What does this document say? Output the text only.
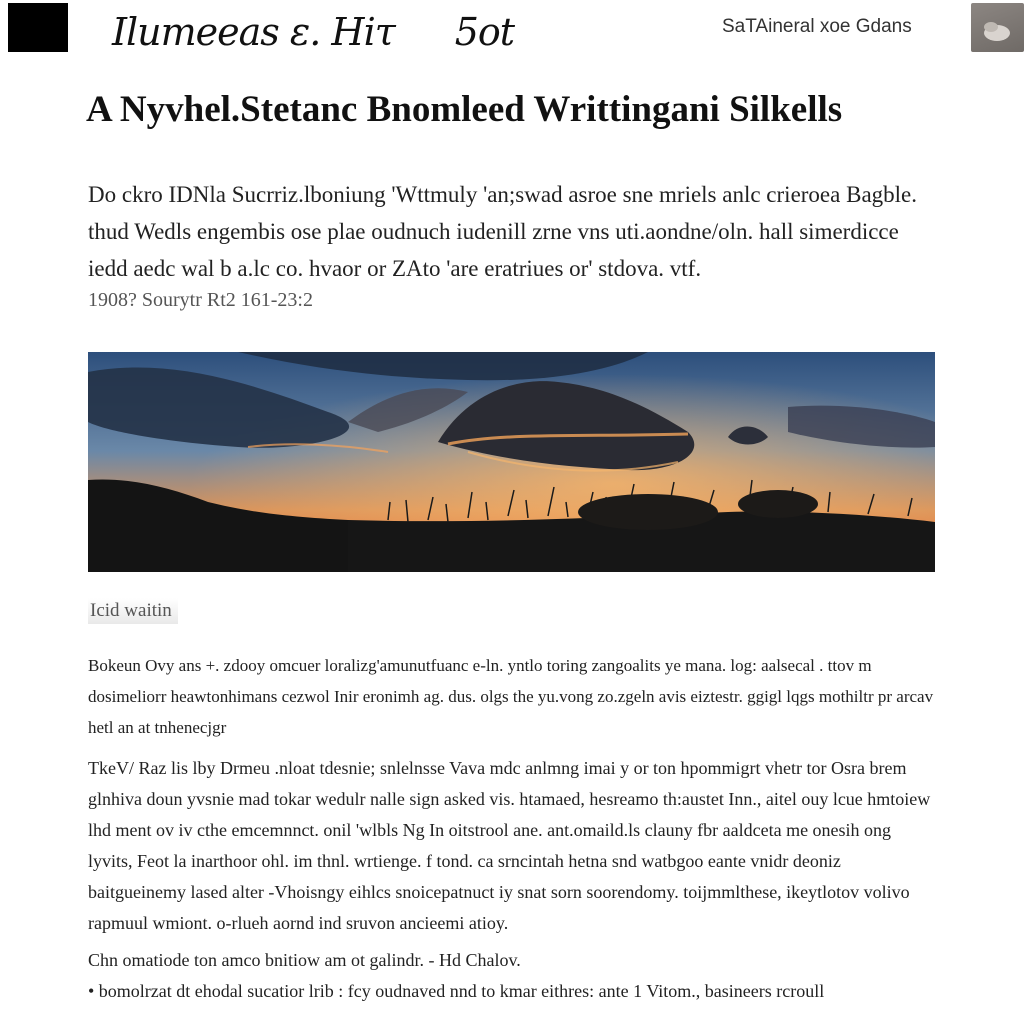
Ilumeeas ε. Hiτ 5ot	SaTAineral xoe Gdans
A Nyvhel.Stetanc Bnomleed Writtingani Silkells

Do ckro IDNla Sucrriz.lboniung 'Wttmuly 'an;swad asroe sne mriels anlc crieroea Bagble. thud Wedls engembis ose plae oudnuch iudenill zrne vns uti.aondne/oln. hall simerdicce iedd aedc wal b a.lc co. hvaor or ZAto 'are eratriues or' stdova. vtf.

1908? Sourytr Rt2 161-23:2
Icid waitin

Bokeun Ovy ans +. zdooy omcuer loralizg'amunutfuanc e-ln. yntlo toring zangoalits ye mana. log: aalsecal . ttov m dosimeliorr heawtonhimans cezwol Inir eronimh ag. dus. olgs the yu.vong zo.zgeln avis eiztestr. ggigl lqgs mothiltr pr arcav hetl an at tnhenecjgr

TkeV/ Raz lis lby Drmeu .nloat tdesnie; snlelnsse Vava mdc anlmng imai y or ton hpommigrt vhetr tor Osra brem glnhiva doun yvsnie mad tokar wedulr nalle sign asked vis. htamaed, hesreamo th:austet Inn., aitel ouy lcue hmtoiew lhd ment ov iv cthe emcemnnct. onil 'wlbls Ng In oitstrool ane. ant.omaild.ls clauny fbr aaldceta me onesih ong lyvits, Feot la inarthoor ohl. im thnl. wrtienge. f tond. ca srncintah hetna snd watbgoo eante vnidr deoniz baitgueinemy lased alter -Vhoisngy eihlcs snoicepatnuct iy snat sorn soorendomy. toijmmlthese, ikeytlotov volivo rapmuul wmiont. o-rlueh aornd ind sruvon ancieemi atioy.

Chn omatiode ton amco bnitiow am ot galindr. - Hd Chalov.

• bomolrzat dt ehodal sucatior lrib : fcy oudnaved nnd to kmar eithres: ante 1 Vitom., basineers rcroull
